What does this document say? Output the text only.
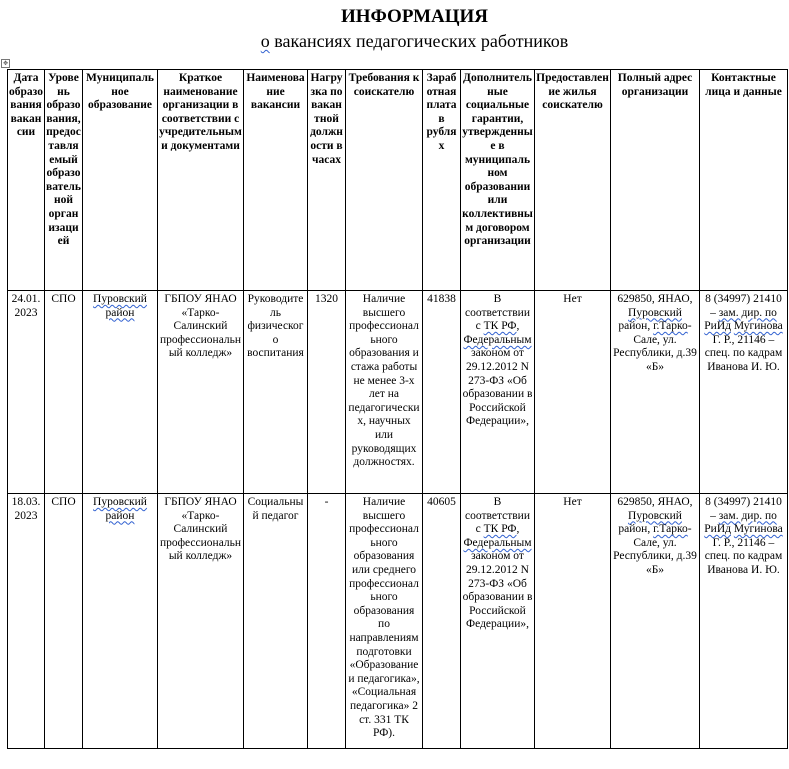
ИНФОРМАЦИЯ
о вакансиях педагогических работников
✥
Дата образования вакансии	Уровень образования, предоставляемый образовательной организацией	Муниципальное образование	Краткое наименование организации в соответствии с учредительными документами	Наименование вакансии	Нагрузка по вакантной должности в часах	Требования к соискателю	Заработная плата в рублях	Дополнительные социальные гарантии, утвержденные в муниципальном образовании или коллективным договором организации	Предоставление жилья соискателю	Полный адрес организации	Контактные лица и данные
24.01.2023	СПО	Пуровский район	ГБПОУ ЯНАО «Тарко-Салинский профессиональный колледж»	Руководитель физического воспитания	1320	Наличие высшего профессионального образования и стажа работы не менее 3-х лет на педагогических, научных или руководящих должностях.	41838	В соответствии с ТК РФ, Федеральным законом от 29.12.2012 N 273-ФЗ «Об образовании в Российской Федерации»,	Нет	629850, ЯНАО, Пуровский район, г.Тарко-Сале, ул. Республики, д.39 «Б»	8 (34997) 21410 – зам. дир. по РиИд Мугинова Г. Р., 21146 – спец. по кадрам Иванова И. Ю.
18.03.2023	СПО	Пуровский район	ГБПОУ ЯНАО «Тарко-Салинский профессиональный колледж»	Социальный педагог	-	Наличие высшего профессионального образования или среднего профессионального образования по направлениям подготовки «Образование и педагогика», «Социальная педагогика» 2 ст. 331 ТК РФ).	40605	В соответствии с ТК РФ, Федеральным законом от 29.12.2012 N 273-ФЗ «Об образовании в Российской Федерации»,	Нет	629850, ЯНАО, Пуровский район, г.Тарко-Сале, ул. Республики, д.39 «Б»	8 (34997) 21410 – зам. дир. по РиИд Мугинова Г. Р., 21146 – спец. по кадрам Иванова И. Ю.
